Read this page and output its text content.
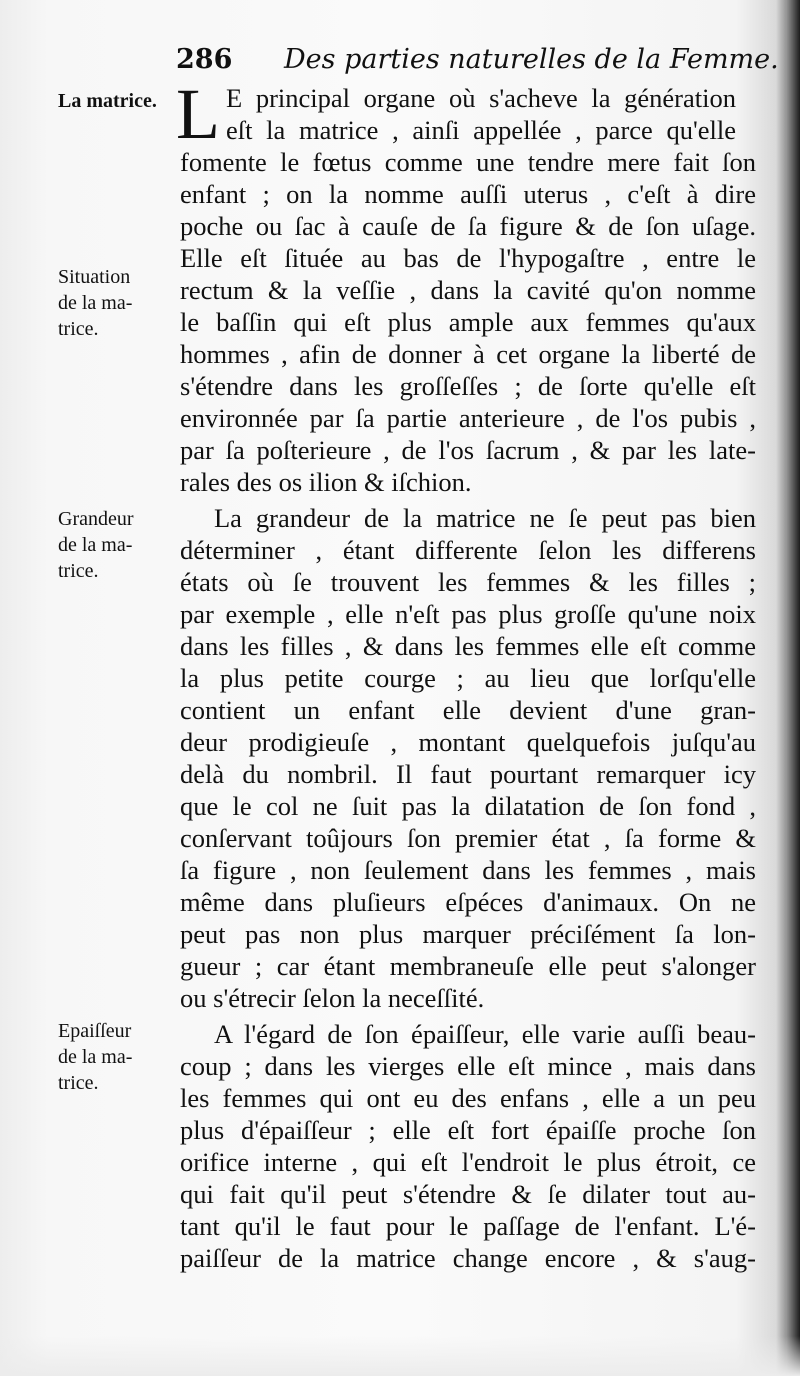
286 Des parties naturelles de la Femme.
L
La matrice.
Situation
de la ma-
trice.
Grandeur
de la ma-
trice.
Epaiſſeur
de la ma-
trice.
E principal organe où s'acheve la génération
eſt la matrice , ainſi appellée , parce qu'elle
fomente le fœtus comme une tendre mere fait ſon
enfant ; on la nomme auſſi uterus , c'eſt à dire
poche ou ſac à cauſe de ſa figure & de ſon uſage.
Elle eſt ſituée au bas de l'hypogaſtre , entre le
rectum & la veſſie , dans la cavité qu'on nomme
le baſſin qui eſt plus ample aux femmes qu'aux
hommes , afin de donner à cet organe la liberté de
s'étendre dans les groſſeſſes ; de ſorte qu'elle eſt
environnée par ſa partie anterieure , de l'os pubis ,
par ſa poſterieure , de l'os ſacrum , & par les late-
rales des os ilion & iſchion.
La grandeur de la matrice ne ſe peut pas bien
déterminer , étant differente ſelon les differens
états où ſe trouvent les femmes & les filles ;
par exemple , elle n'eſt pas plus groſſe qu'une noix
dans les filles , & dans les femmes elle eſt comme
la plus petite courge ; au lieu que lorſqu'elle
contient un enfant elle devient d'une gran-
deur prodigieuſe , montant quelquefois juſqu'au
delà du nombril. Il faut pourtant remarquer icy
que le col ne ſuit pas la dilatation de ſon fond ,
conſervant toûjours ſon premier état , ſa forme &
ſa figure , non ſeulement dans les femmes , mais
même dans pluſieurs eſpéces d'animaux. On ne
peut pas non plus marquer préciſément ſa lon-
gueur ; car étant membraneuſe elle peut s'alonger
ou s'étrecir ſelon la neceſſité.
A l'égard de ſon épaiſſeur, elle varie auſſi beau-
coup ; dans les vierges elle eſt mince , mais dans
les femmes qui ont eu des enfans , elle a un peu
plus d'épaiſſeur ; elle eſt fort épaiſſe proche ſon
orifice interne , qui eſt l'endroit le plus étroit, ce
qui fait qu'il peut s'étendre & ſe dilater tout au-
tant qu'il le faut pour le paſſage de l'enfant. L'é-
paiſſeur de la matrice change encore , & s'aug-
